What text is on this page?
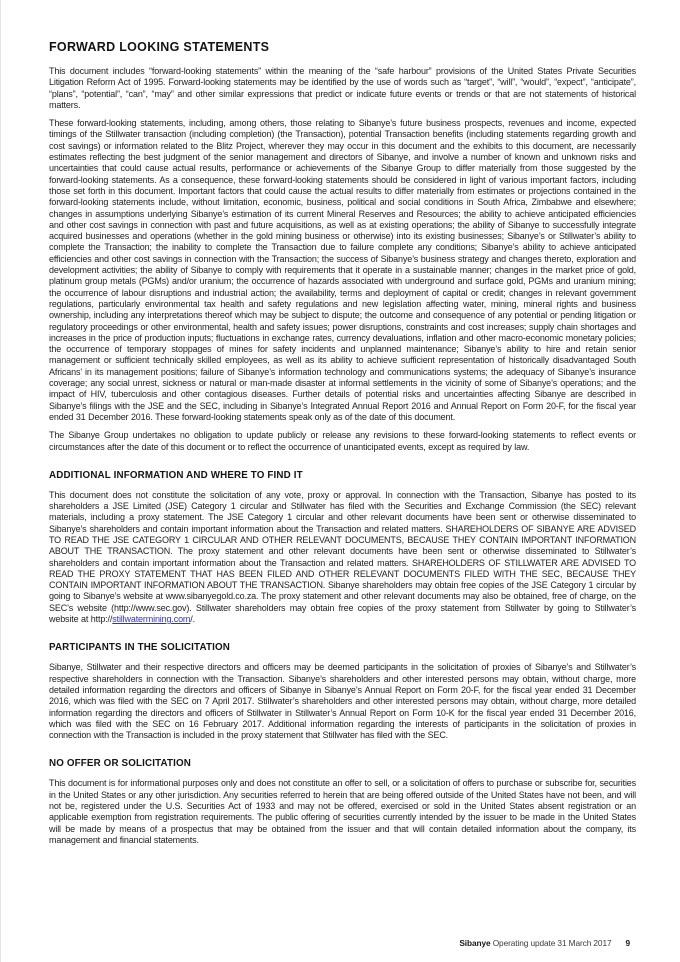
FORWARD LOOKING STATEMENTS

This document includes “forward-looking statements” within the meaning of the “safe harbour” provisions of the United States Private Securities Litigation Reform Act of 1995. Forward-looking statements may be identified by the use of words such as “target”, “will”, “would”, “expect”, “anticipate”, “plans”, “potential”, “can”, “may” and other similar expressions that predict or indicate future events or trends or that are not statements of historical matters.

These forward-looking statements, including, among others, those relating to Sibanye’s future business prospects, revenues and income, expected timings of the Stillwater transaction (including completion) (the Transaction), potential Transaction benefits (including statements regarding growth and cost savings) or information related to the Blitz Project, wherever they may occur in this document and the exhibits to this document, are necessarily estimates reflecting the best judgment of the senior management and directors of Sibanye, and involve a number of known and unknown risks and uncertainties that could cause actual results, performance or achievements of the Sibanye Group to differ materially from those suggested by the forward-looking statements. As a consequence, these forward-looking statements should be considered in light of various important factors, including those set forth in this document. Important factors that could cause the actual results to differ materially from estimates or projections contained in the forward-looking statements include, without limitation, economic, business, political and social conditions in South Africa, Zimbabwe and elsewhere; changes in assumptions underlying Sibanye’s estimation of its current Mineral Reserves and Resources; the ability to achieve anticipated efficiencies and other cost savings in connection with past and future acquisitions, as well as at existing operations; the ability of Sibanye to successfully integrate acquired businesses and operations (whether in the gold mining business or otherwise) into its existing businesses; Sibanye’s or Stillwater’s ability to complete the Transaction; the inability to complete the Transaction due to failure complete any conditions; Sibanye’s ability to achieve anticipated efficiencies and other cost savings in connection with the Transaction; the success of Sibanye’s business strategy and changes thereto, exploration and development activities; the ability of Sibanye to comply with requirements that it operate in a sustainable manner; changes in the market price of gold, platinum group metals (PGMs) and/or uranium; the occurrence of hazards associated with underground and surface gold, PGMs and uranium mining; the occurrence of labour disruptions and industrial action; the availability, terms and deployment of capital or credit; changes in relevant government regulations, particularly environmental tax health and safety regulations and new legislation affecting water, mining, mineral rights and business ownership, including any interpretations thereof which may be subject to dispute; the outcome and consequence of any potential or pending litigation or regulatory proceedings or other environmental, health and safety issues; power disruptions, constraints and cost increases; supply chain shortages and increases in the price of production inputs; fluctuations in exchange rates, currency devaluations, inflation and other macro-economic monetary policies; the occurrence of temporary stoppages of mines for safety incidents and unplanned maintenance; Sibanye’s ability to hire and retain senior management or sufficient technically skilled employees, as well as its ability to achieve sufficient representation of historically disadvantaged South Africans’ in its management positions; failure of Sibanye’s information technology and communications systems; the adequacy of Sibanye’s insurance coverage; any social unrest, sickness or natural or man-made disaster at informal settlements in the vicinity of some of Sibanye’s operations; and the impact of HIV, tuberculosis and other contagious diseases. Further details of potential risks and uncertainties affecting Sibanye are described in Sibanye’s filings with the JSE and the SEC, including in Sibanye’s Integrated Annual Report 2016 and Annual Report on Form 20-F, for the fiscal year ended 31 December 2016. These forward-looking statements speak only as of the date of this document.

The Sibanye Group undertakes no obligation to update publicly or release any revisions to these forward-looking statements to reflect events or circumstances after the date of this document or to reflect the occurrence of unanticipated events, except as required by law.

ADDITIONAL INFORMATION AND WHERE TO FIND IT

This document does not constitute the solicitation of any vote, proxy or approval. In connection with the Transaction, Sibanye has posted to its shareholders a JSE Limited (JSE) Category 1 circular and Stillwater has filed with the Securities and Exchange Commission (the SEC) relevant materials, including a proxy statement. The JSE Category 1 circular and other relevant documents have been sent or otherwise disseminated to Sibanye’s shareholders and contain important information about the Transaction and related matters. SHAREHOLDERS OF SIBANYE ARE ADVISED TO READ THE JSE CATEGORY 1 CIRCULAR AND OTHER RELEVANT DOCUMENTS, BECAUSE THEY CONTAIN IMPORTANT INFORMATION ABOUT THE TRANSACTION. The proxy statement and other relevant documents have been sent or otherwise disseminated to Stillwater’s shareholders and contain important information about the Transaction and related matters. SHAREHOLDERS OF STILLWATER ARE ADVISED TO READ THE PROXY STATEMENT THAT HAS BEEN FILED AND OTHER RELEVANT DOCUMENTS FILED WITH THE SEC, BECAUSE THEY CONTAIN IMPORTANT INFORMATION ABOUT THE TRANSACTION. Sibanye shareholders may obtain free copies of the JSE Category 1 circular by going to Sibanye’s website at www.sibanyegold.co.za. The proxy statement and other relevant documents may also be obtained, free of charge, on the SEC’s website (http://www.sec.gov). Stillwater shareholders may obtain free copies of the proxy statement from Stillwater by going to Stillwater’s website at http://stillwatermining.com/.

PARTICIPANTS IN THE SOLICITATION

Sibanye, Stillwater and their respective directors and officers may be deemed participants in the solicitation of proxies of Sibanye’s and Stillwater’s respective shareholders in connection with the Transaction. Sibanye’s shareholders and other interested persons may obtain, without charge, more detailed information regarding the directors and officers of Sibanye in Sibanye’s Annual Report on Form 20-F, for the fiscal year ended 31 December 2016, which was filed with the SEC on 7 April 2017. Stillwater’s shareholders and other interested persons may obtain, without charge, more detailed information regarding the directors and officers of Stillwater in Stillwater’s Annual Report on Form 10-K for the fiscal year ended 31 December 2016, which was filed with the SEC on 16 February 2017. Additional information regarding the interests of participants in the solicitation of proxies in connection with the Transaction is included in the proxy statement that Stillwater has filed with the SEC.

NO OFFER OR SOLICITATION

This document is for informational purposes only and does not constitute an offer to sell, or a solicitation of offers to purchase or subscribe for, securities in the United States or any other jurisdiction. Any securities referred to herein that are being offered outside of the United States have not been, and will not be, registered under the U.S. Securities Act of 1933 and may not be offered, exercised or sold in the United States absent registration or an applicable exemption from registration requirements. The public offering of securities currently intended by the issuer to be made in the United States will be made by means of a prospectus that may be obtained from the issuer and that will contain detailed information about the company, its management and financial statements.

Sibanye Operating update 31 March 2017 9
